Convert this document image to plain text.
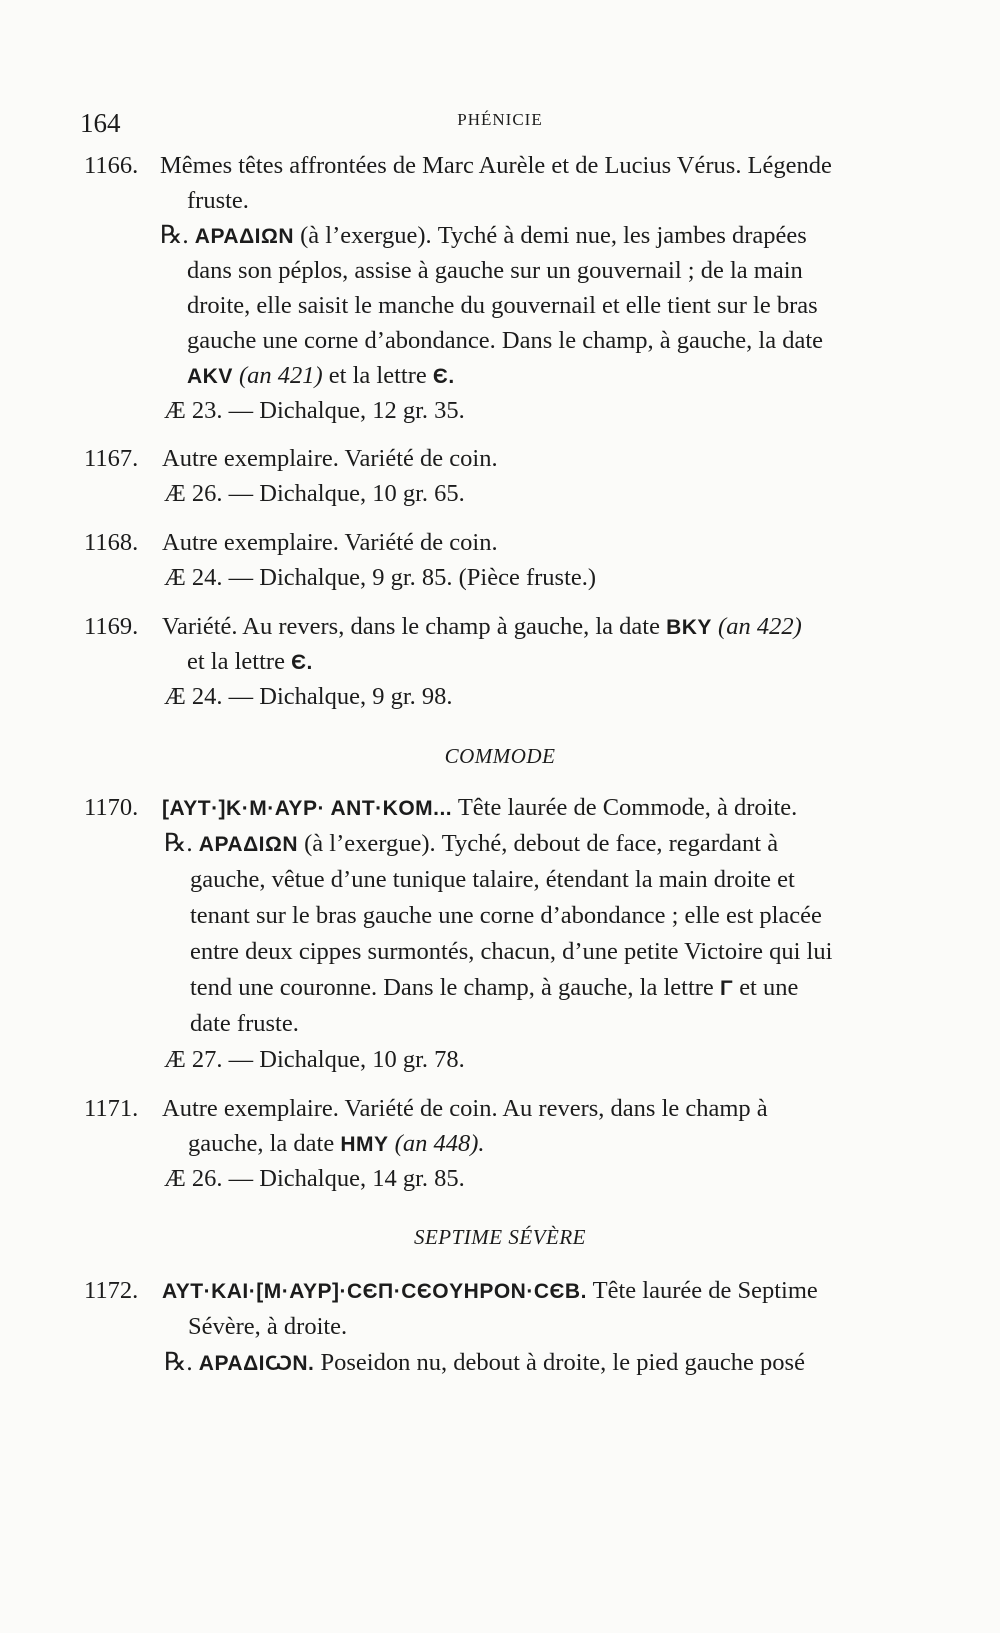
164	PHÉNICIE
1166. Mêmes têtes affrontées de Marc Aurèle et de Lucius Vérus. Légende
fruste.
℞. ΑΡΑΔΙΩΝ (à l’exergue). Tyché à demi nue, les jambes drapées
dans son péplos, assise à gauche sur un gouvernail ; de la main
droite, elle saisit le manche du gouvernail et elle tient sur le bras
gauche une corne d’abondance. Dans le champ, à gauche, la date
AKV (an 421) et la lettre Є.
Æ 23. — Dichalque, 12 gr. 35.
1167. Autre exemplaire. Variété de coin.
Æ 26. — Dichalque, 10 gr. 65.
1168. Autre exemplaire. Variété de coin.
Æ 24. — Dichalque, 9 gr. 85. (Pièce fruste.)
1169. Variété. Au revers, dans le champ à gauche, la date BKY (an 422)
et la lettre Є.
Æ 24. — Dichalque, 9 gr. 98.
COMMODE
1170. [AYT·]K·M·AYP· ANT·KOM... Tête laurée de Commode, à droite.
℞. ΑΡΑΔΙΩΝ (à l’exergue). Tyché, debout de face, regardant à
gauche, vêtue d’une tunique talaire, étendant la main droite et
tenant sur le bras gauche une corne d’abondance ; elle est placée
entre deux cippes surmontés, chacun, d’une petite Victoire qui lui
tend une couronne. Dans le champ, à gauche, la lettre Γ et une
date fruste.
Æ 27. — Dichalque, 10 gr. 78.
1171. Autre exemplaire. Variété de coin. Au revers, dans le champ à
gauche, la date HMY (an 448).
Æ 26. — Dichalque, 14 gr. 85.
SEPTIME SÉVÈRE
1172. AYT·KAI·[M·AYP]·CЄΠ·CЄOYHPON·CЄB. Tête laurée de Septime
Sévère, à droite.
℞. ΑΡΑΔΙѠΝ. Poseidon nu, debout à droite, le pied gauche posé
